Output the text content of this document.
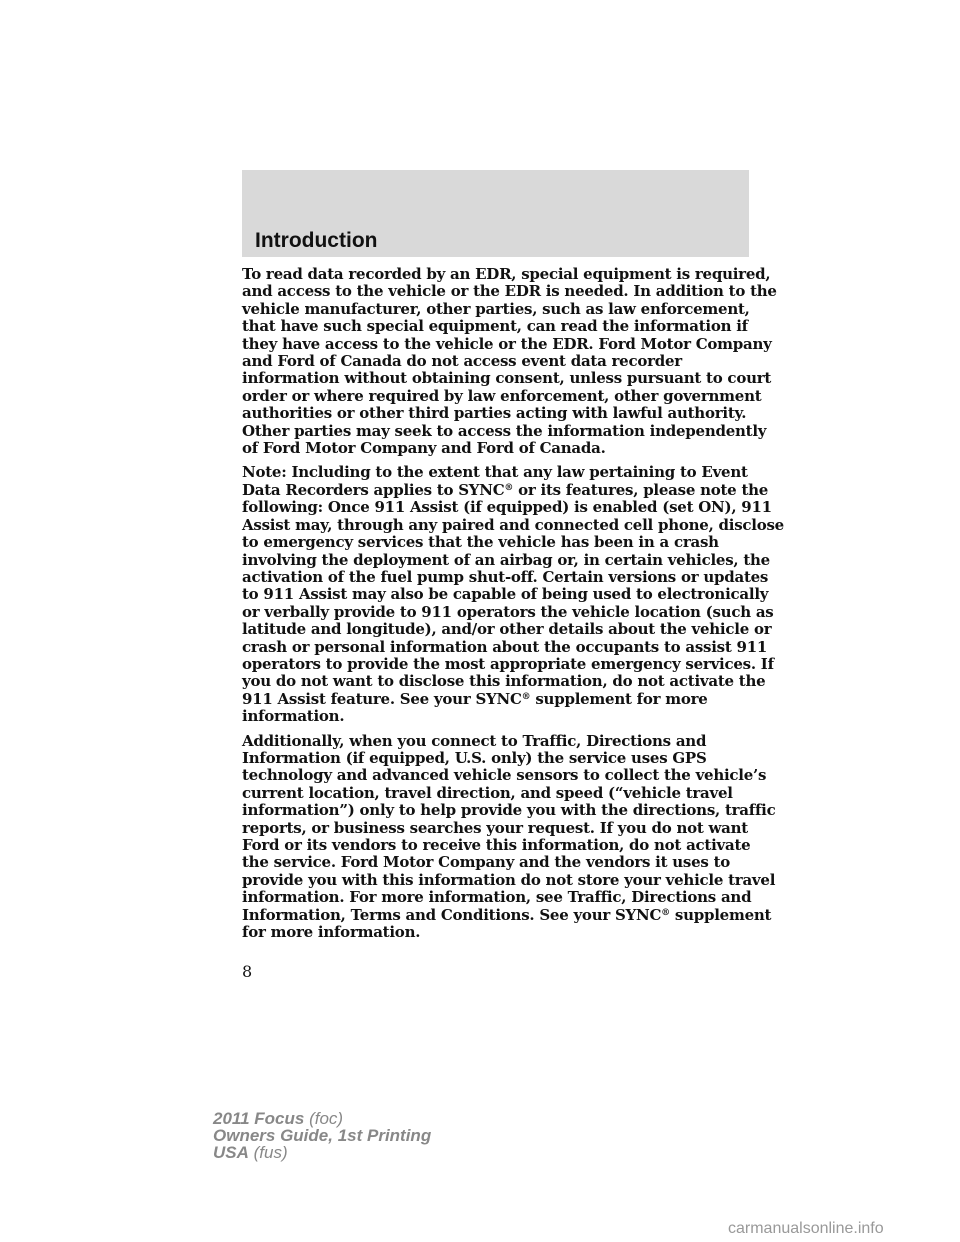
Introduction

To read data recorded by an EDR, special equipment is required,
and access to the vehicle or the EDR is needed. In addition to the
vehicle manufacturer, other parties, such as law enforcement,
that have such special equipment, can read the information if
they have access to the vehicle or the EDR. Ford Motor Company
and Ford of Canada do not access event data recorder
information without obtaining consent, unless pursuant to court
order or where required by law enforcement, other government
authorities or other third parties acting with lawful authority.
Other parties may seek to access the information independently
of Ford Motor Company and Ford of Canada.

Note: Including to the extent that any law pertaining to Event
Data Recorders applies to SYNC® or its features, please note the
following: Once 911 Assist (if equipped) is enabled (set ON), 911
Assist may, through any paired and connected cell phone, disclose
to emergency services that the vehicle has been in a crash
involving the deployment of an airbag or, in certain vehicles, the
activation of the fuel pump shut-off. Certain versions or updates
to 911 Assist may also be capable of being used to electronically
or verbally provide to 911 operators the vehicle location (such as
latitude and longitude), and/or other details about the vehicle or
crash or personal information about the occupants to assist 911
operators to provide the most appropriate emergency services. If
you do not want to disclose this information, do not activate the
911 Assist feature. See your SYNC® supplement for more
information.

Additionally, when you connect to Traffic, Directions and
Information (if equipped, U.S. only) the service uses GPS
technology and advanced vehicle sensors to collect the vehicle’s
current location, travel direction, and speed (“vehicle travel
information”) only to help provide you with the directions, traffic
reports, or business searches your request. If you do not want
Ford or its vendors to receive this information, do not activate
the service. Ford Motor Company and the vendors it uses to
provide you with this information do not store your vehicle travel
information. For more information, see Traffic, Directions and
Information, Terms and Conditions. See your SYNC® supplement
for more information.

8
2011 Focus (foc)
Owners Guide, 1st Printing
USA (fus)
carmanualsonline.info
